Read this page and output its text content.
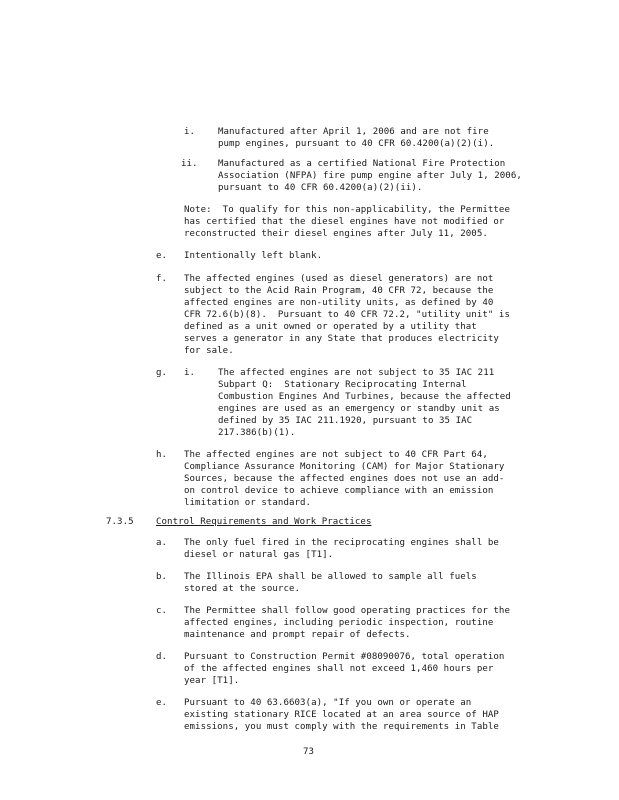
i.	Manufactured after April 1, 2006 and are not fire
pump engines, pursuant to 40 CFR 60.4200(a)(2)(i).
ii. Manufactured as a certified National Fire Protection
Association (NFPA) fire pump engine after July 1, 2006,
pursuant to 40 CFR 60.4200(a)(2)(ii).
Note:  To qualify for this non-applicability, the Permittee
has certified that the diesel engines have not modified or
reconstructed their diesel engines after July 11, 2005.
e. Intentionally left blank.
f. The affected engines (used as diesel generators) are not
subject to the Acid Rain Program, 40 CFR 72, because the
affected engines are non-utility units, as defined by 40
CFR 72.6(b)(8).  Pursuant to 40 CFR 72.2, "utility unit" is
defined as a unit owned or operated by a utility that
serves a generator in any State that produces electricity
for sale.
g. i.	The affected engines are not subject to 35 IAC 211
Subpart Q:  Stationary Reciprocating Internal
Combustion Engines And Turbines, because the affected
engines are used as an emergency or standby unit as
defined by 35 IAC 211.1920, pursuant to 35 IAC
217.386(b)(1).
h. The affected engines are not subject to 40 CFR Part 64,
Compliance Assurance Monitoring (CAM) for Major Stationary
Sources, because the affected engines does not use an add-
on control device to achieve compliance with an emission
limitation or standard.
7.3.5 Control Requirements and Work Practices
a. The only fuel fired in the reciprocating engines shall be
diesel or natural gas [T1].
b. The Illinois EPA shall be allowed to sample all fuels
stored at the source.
c. The Permittee shall follow good operating practices for the
affected engines, including periodic inspection, routine
maintenance and prompt repair of defects.
d. Pursuant to Construction Permit #08090076, total operation
of the affected engines shall not exceed 1,460 hours per
year [T1].
e. Pursuant to 40 63.6603(a), "If you own or operate an
existing stationary RICE located at an area source of HAP
emissions, you must comply with the requirements in Table
73
